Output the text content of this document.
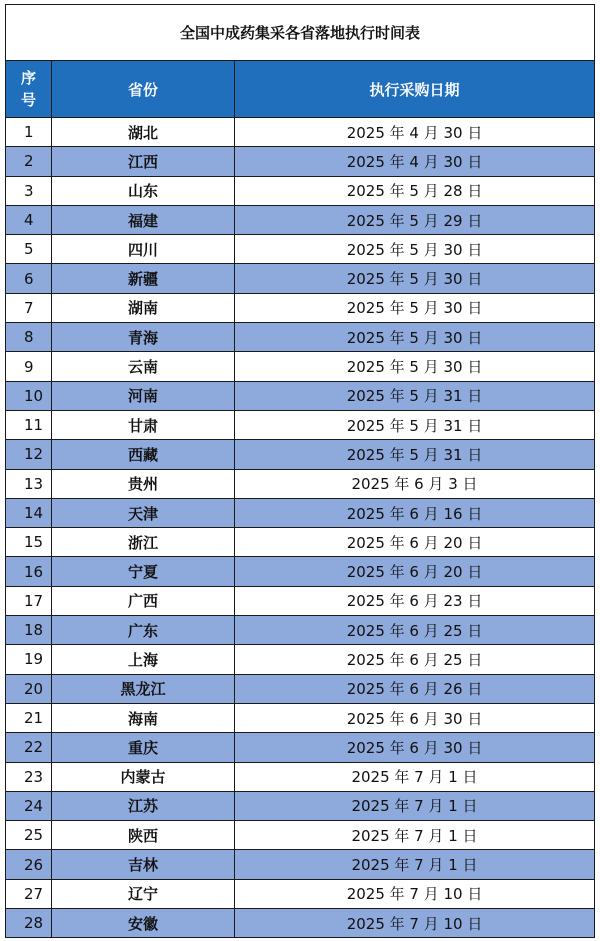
全国中成药集采各省落地执行时间表		
序
号	省份	执行采购日期
1	湖北	2025 年 4 月 30 日
2	江西	2025 年 4 月 30 日
3	山东	2025 年 5 月 28 日
4	福建	2025 年 5 月 29 日
5	四川	2025 年 5 月 30 日
6	新疆	2025 年 5 月 30 日
7	湖南	2025 年 5 月 30 日
8	青海	2025 年 5 月 30 日
9	云南	2025 年 5 月 30 日
10	河南	2025 年 5 月 31 日
11	甘肃	2025 年 5 月 31 日
12	西藏	2025 年 5 月 31 日
13	贵州	2025 年 6 月 3 日
14	天津	2025 年 6 月 16 日
15	浙江	2025 年 6 月 20 日
16	宁夏	2025 年 6 月 20 日
17	广西	2025 年 6 月 23 日
18	广东	2025 年 6 月 25 日
19	上海	2025 年 6 月 25 日
20	黑龙江	2025 年 6 月 26 日
21	海南	2025 年 6 月 30 日
22	重庆	2025 年 6 月 30 日
23	内蒙古	2025 年 7 月 1 日
24	江苏	2025 年 7 月 1 日
25	陕西	2025 年 7 月 1 日
26	吉林	2025 年 7 月 1 日
27	辽宁	2025 年 7 月 10 日
28	安徽	2025 年 7 月 10 日
